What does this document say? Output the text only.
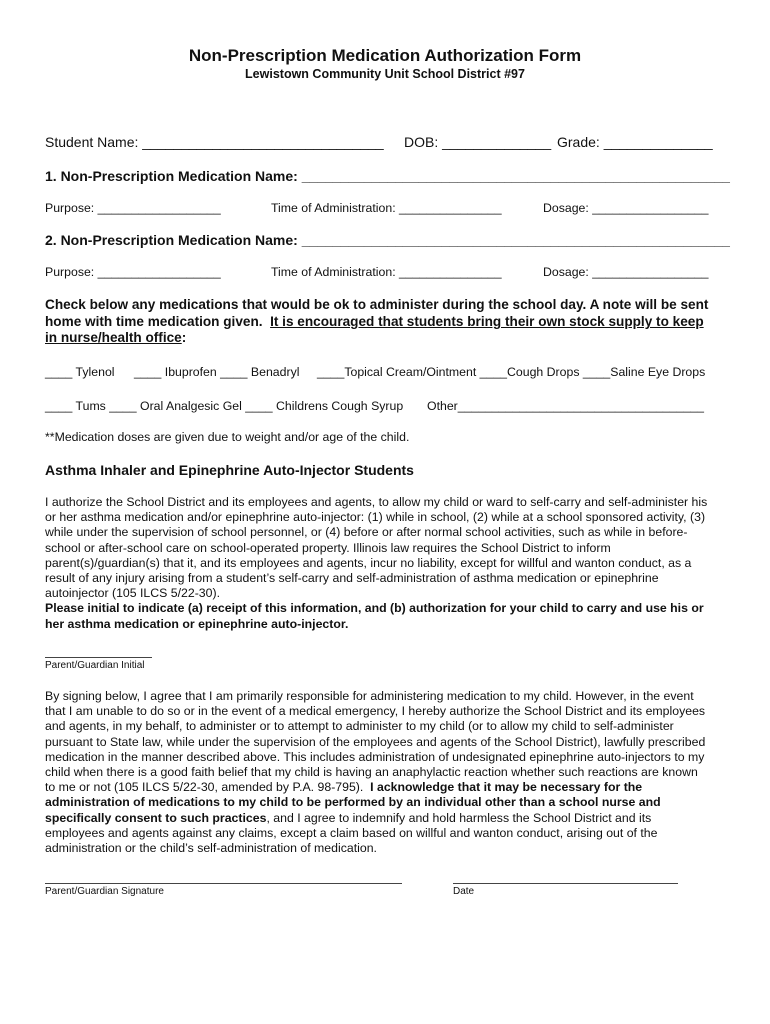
Non-Prescription Medication Authorization Form
Lewistown Community Unit School District #97
Student Name: _______________________________ DOB: ______________ Grade: ______________
1. Non-Prescription Medication Name: _______________________________________________________
Purpose: __________________	Time of Administration: _______________	Dosage: _________________
2. Non-Prescription Medication Name: _______________________________________________________
Purpose: __________________	Time of Administration: _______________	Dosage: _________________
Check below any medications that would be ok to administer during the school day. A note will be sent
home with time medication given.  It is encouraged that students bring their own stock supply to keep
in nurse/health office:
____ Tylenol ____ Ibuprofen ____ Benadryl ____Topical Cream/Ointment ____Cough Drops ____Saline Eye Drops
____ Tums ____ Oral Analgesic Gel ____ Childrens Cough Syrup Other____________________________________
**Medication doses are given due to weight and/or age of the child.
Asthma Inhaler and Epinephrine Auto-Injector Students
I authorize the School District and its employees and agents, to allow my child or ward to self-carry and self-administer his
or her asthma medication and/or epinephrine auto-injector: (1) while in school, (2) while at a school sponsored activity, (3)
while under the supervision of school personnel, or (4) before or after normal school activities, such as while in before-
school or after-school care on school-operated property. Illinois law requires the School District to inform
parent(s)/guardian(s) that it, and its employees and agents, incur no liability, except for willful and wanton conduct, as a
result of any injury arising from a student’s self-carry and self-administration of asthma medication or epinephrine
autoinjector (105 ILCS 5/22-30).
Please initial to indicate (a) receipt of this information, and (b) authorization for your child to carry and use his or
her asthma medication or epinephrine auto-injector.
Parent/Guardian Initial
By signing below, I agree that I am primarily responsible for administering medication to my child. However, in the event
that I am unable to do so or in the event of a medical emergency, I hereby authorize the School District and its employees
and agents, in my behalf, to administer or to attempt to administer to my child (or to allow my child to self-administer
pursuant to State law, while under the supervision of the employees and agents of the School District), lawfully prescribed
medication in the manner described above. This includes administration of undesignated epinephrine auto-injectors to my
child when there is a good faith belief that my child is having an anaphylactic reaction whether such reactions are known
to me or not (105 ILCS 5/22-30, amended by P.A. 98-795).  I acknowledge that it may be necessary for the
administration of medications to my child to be performed by an individual other than a school nurse and
specifically consent to such practices, and I agree to indemnify and hold harmless the School District and its
employees and agents against any claims, except a claim based on willful and wanton conduct, arising out of the
administration or the child’s self-administration of medication.
Parent/Guardian Signature	Date
